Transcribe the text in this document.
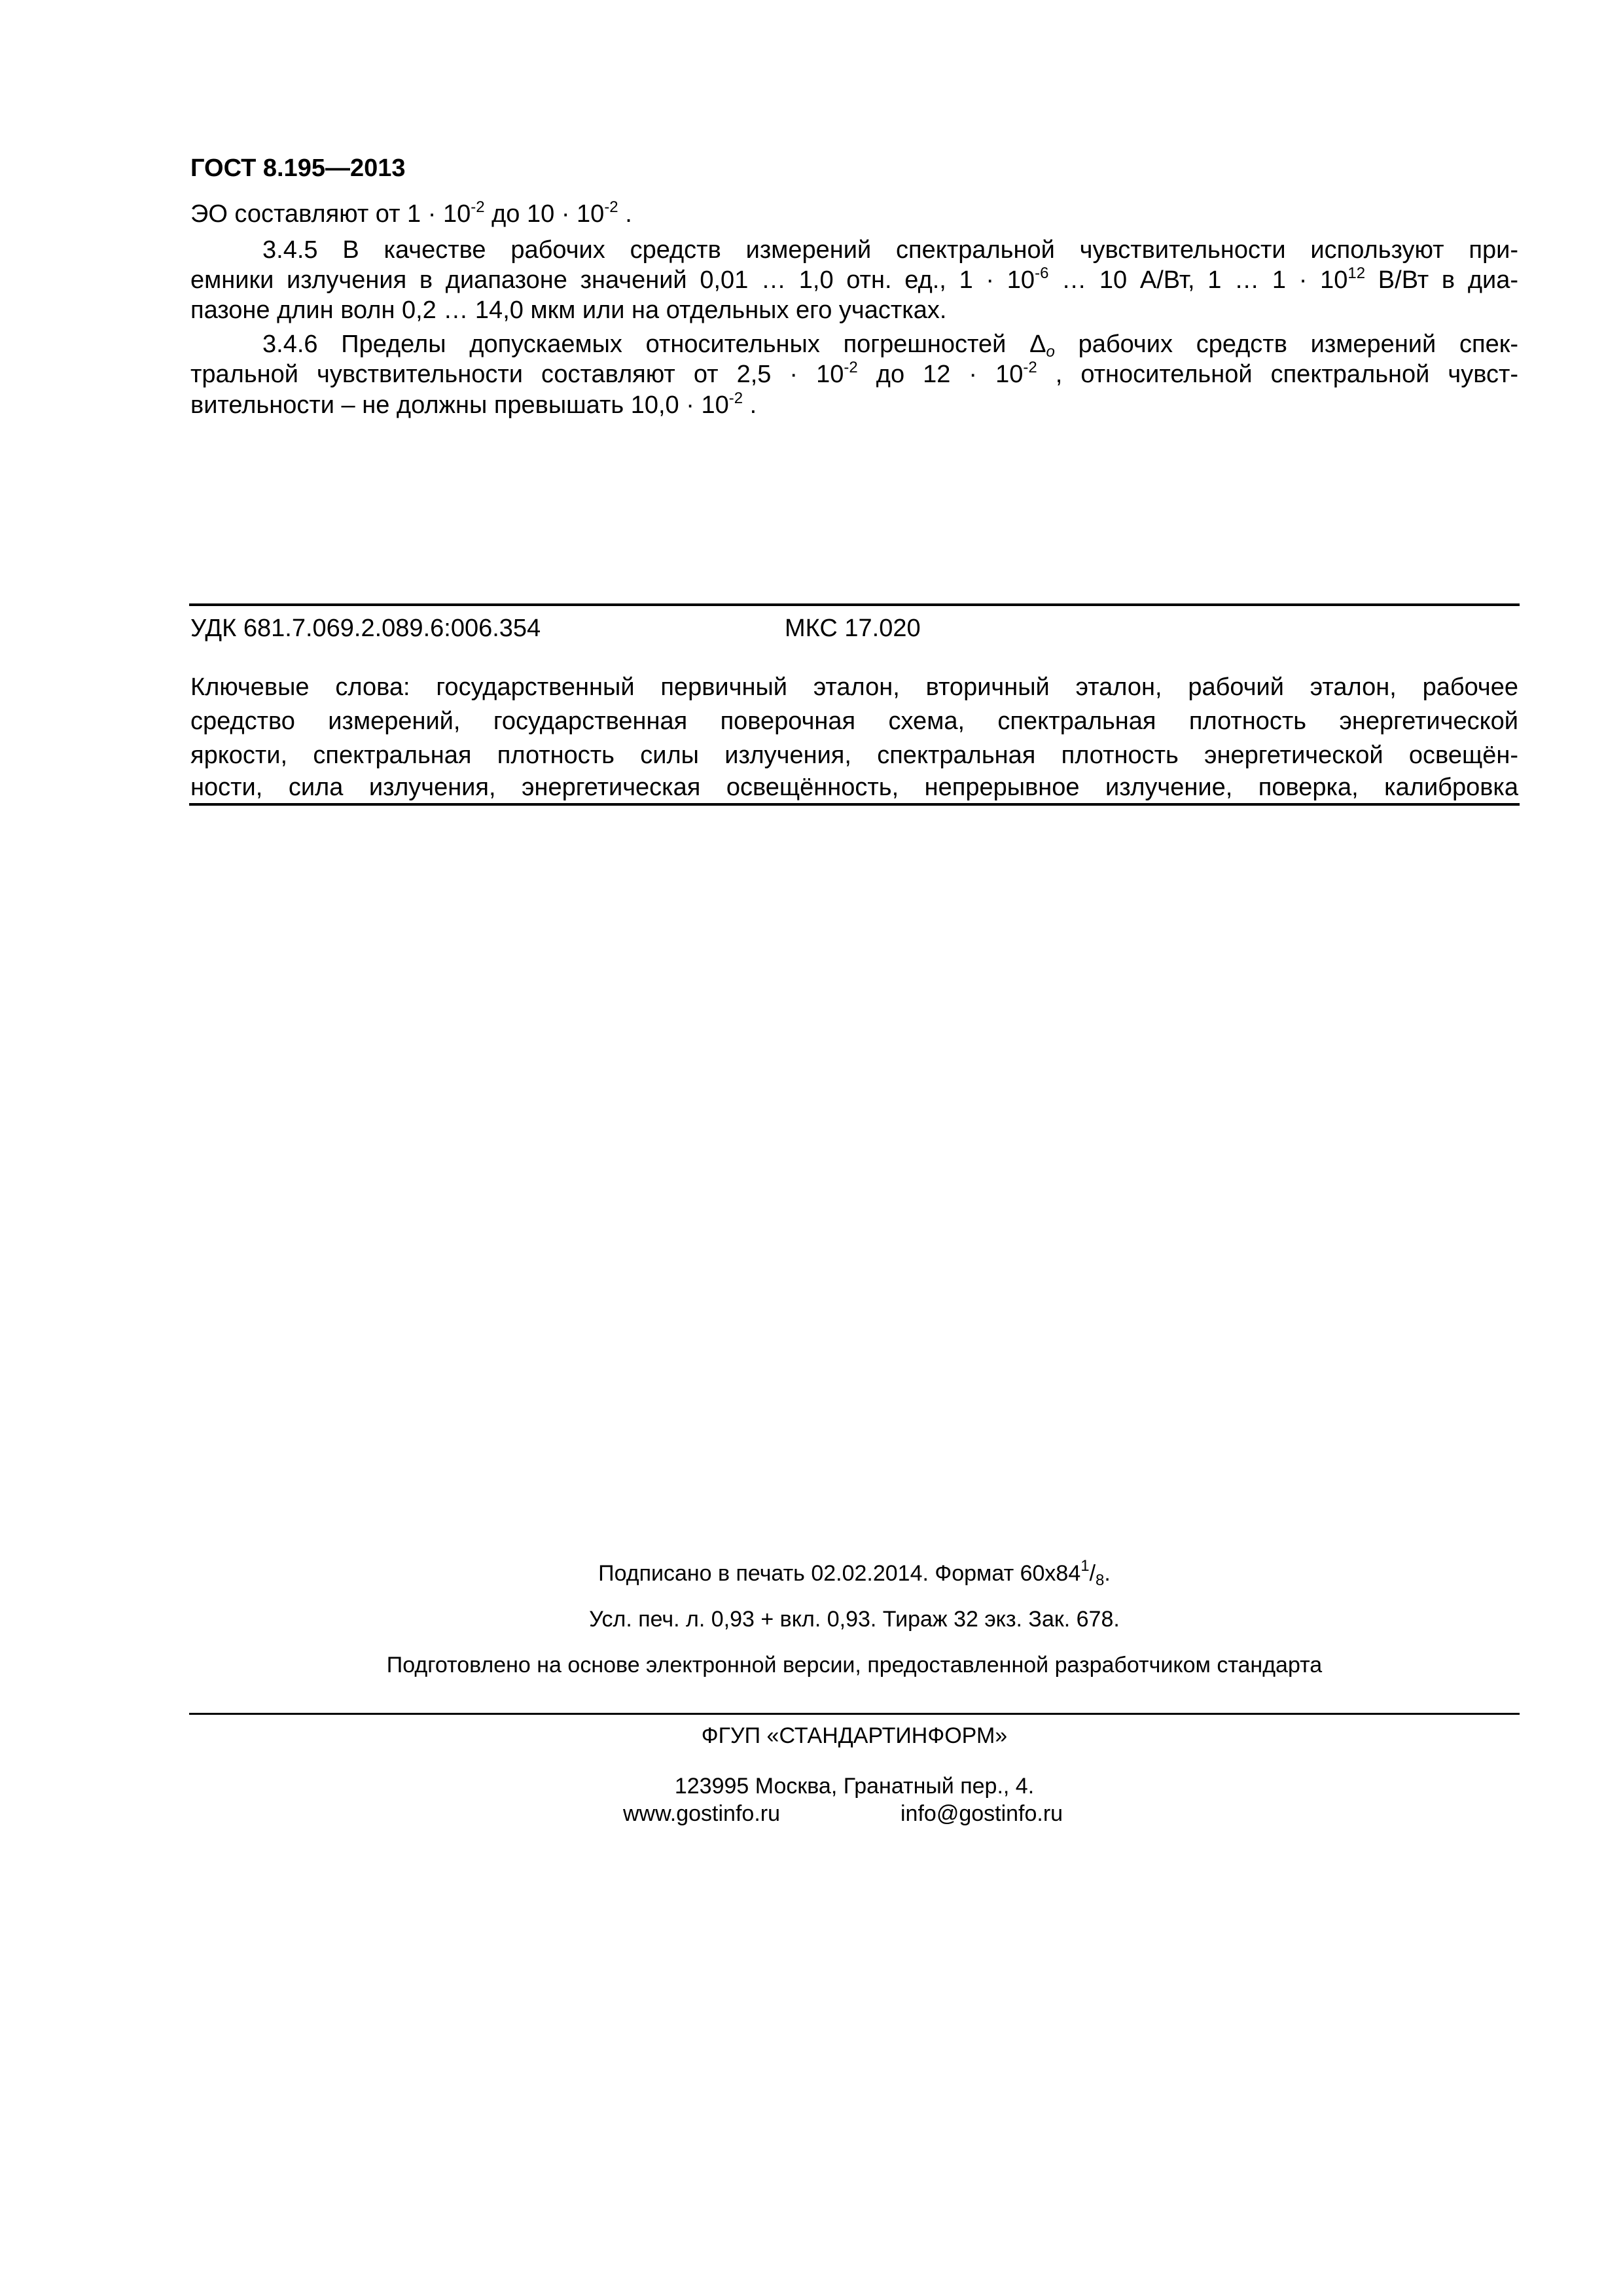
ГОСТ 8.195—2013
ЭО составляют от $1 \cdot 10^{-2}$ до $10 \cdot 10^{-2}$ .
3.4.5 В качестве рабочих средств измерений спектральной чувствительности используют при-
емники излучения в диапазоне значений 0,01 … 1,0 отн. ед., $1 \cdot 10^{-6}$ … 10 А/Вт, 1 … $1 \cdot 10^{12}$ В/Вт в диа-
пазоне длин волн 0,2 … 14,0 мкм или на отдельных его участках.
3.4.6 Пределы допускаемых относительных погрешностей $\Delta_o$ рабочих средств измерений спек-
тральной чувствительности составляют от $2,5 \cdot 10^{-2}$ до $12 \cdot 10^{-2}$ , относительной спектральной чувст-
вительности – не должны превышать $10,0 \cdot 10^{-2}$ .
УДК 681.7.069.2.089.6:006.354	МКС 17.020
Ключевые слова: государственный первичный эталон, вторичный эталон, рабочий эталон, рабочее
средство измерений, государственная поверочная схема, спектральная плотность энергетической
яркости, спектральная плотность силы излучения, спектральная плотность энергетической освещён-
ности, сила излучения, энергетическая освещённость, непрерывное излучение, поверка, калибровка
Подписано в печать 02.02.2014. Формат $60x84^1/_8$.
Усл. печ. л. 0,93 + вкл. 0,93. Тираж 32 экз. Зак. 678.
Подготовлено на основе электронной версии, предоставленной разработчиком стандарта
ФГУП «СТАНДАРТИНФОРМ»
123995 Москва, Гранатный пер., 4.
www.gostinfo.ru	info@gostinfo.ru
